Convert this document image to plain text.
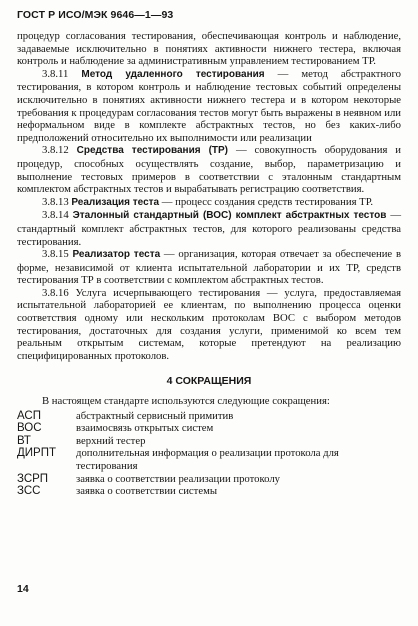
ГОСТ Р ИСО/МЭК 9646—1—93

процедур согласования тестирования, обеспечивающая контроль и наблюдение, задаваемые исключительно в понятиях активности нижнего тестера, включая контроль и наблюдение за административным управлением тестированием ТР.

3.8.11 Метод удаленного тестирования — метод абстрактного тестирования, в котором контроль и наблюдение тестовых событий определены исключительно в понятиях активности нижнего тестера и в котором некоторые требования к процедурам согласования тестов могут быть выражены в неявном или неформальном виде в комплекте абстрактных тестов, но без каких-либо предположений относительно их выполнимости или реализации

3.8.12 Средства тестирования (ТР) — совокупность оборудования и процедур, способных осуществлять создание, выбор, параметризацию и выполнение тестовых примеров в соответствии с эталонным стандартным комплектом абстрактных тестов и вырабатывать регистрацию соответствия.

3.8.13 Реализация теста — процесс создания средств тестирования ТР.

3.8.14 Эталонный стандартный (ВОС) комплект абстрактных тестов — стандартный комплект абстрактных тестов, для которого реализованы средства тестирования.

3.8.15 Реализатор теста — организация, которая отвечает за обеспечение в форме, независимой от клиента испытательной лаборатории и их ТР, средств тестирования ТР в соответствии с комплектом абстрактных тестов.

3.8.16 Услуга исчерпывающего тестирования — услуга, предоставляемая испытательной лабораторией ее клиентам, по выполнению процесса оценки соответствия одному или нескольким протоколам ВОС с выбором методов тестирования, достаточных для создания услуги, применимой ко всем тем реальным открытым системам, которые претендуют на реализацию специфицированных протоколов.

4 СОКРАЩЕНИЯ

В настоящем стандарте используются следующие сокращения:

АСП	абстрактный сервисный примитив
ВОС	взаимосвязь открытых систем
ВТ	верхний тестер
ДИРПТ	дополнительная информация о реализации протокола для тестирования
ЗСРП	заявка о соответствии реализации протоколу
ЗСС	заявка о соответствии системы
14
